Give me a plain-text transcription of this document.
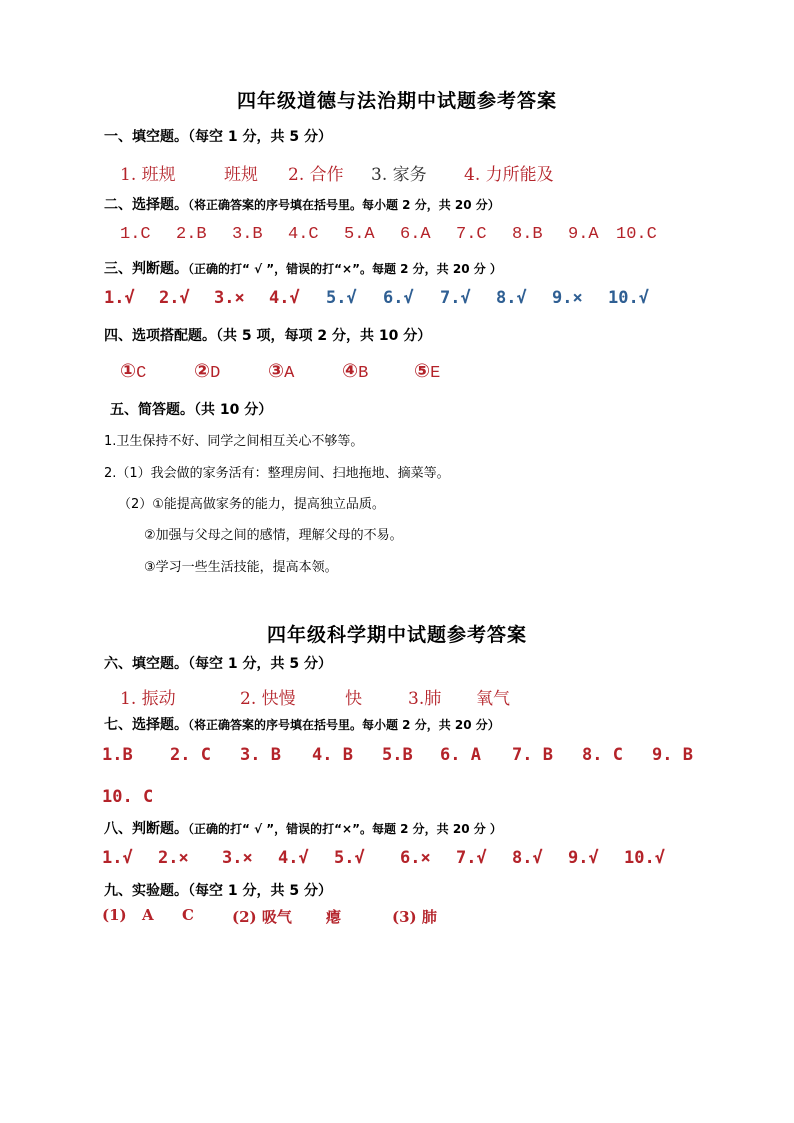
四年级道德与法治期中试题参考答案
一、填空题。（每空 1 分，共 5 分）
1. 班规	班规 2. 合作 3. 家务 4. 力所能及
二、选择题。（将正确答案的序号填在括号里。每小题 2 分，共 20 分）
1.C 2.B 3.B 4.C 5.A 6.A 7.C 8.B 9.A 10.C
三、判断题。（正确的打“ √ ”，错误的打“×”。每题 2 分，共 20 分 ）
1.√ 2.√ 3.× 4.√ 5.√ 6.√ 7.√ 8.√ 9.× 10.√
四、选项搭配题。（共 5 项，每项 2 分，共 10 分）
①C	②D	③A	④B ⑤E
五、简答题。（共 10 分）
1.卫生保持不好、同学之间相互关心不够等。
2.（1）我会做的家务活有：整理房间、扫地拖地、摘菜等。
（2）①能提高做家务的能力，提高独立品质。
②加强与父母之间的感情，理解父母的不易。
③学习一些生活技能，提高本领。
四年级科学期中试题参考答案
六、填空题。（每空 1 分，共 5 分）
1. 振动	2. 快慢	快	3.肺 氧气
七、选择题。（将正确答案的序号填在括号里。每小题 2 分，共 20 分）
1.B 2. C 3. B 4. B 5.B 6. A 7. B 8. C 9. B
10. C
八、判断题。（正确的打“ √ ”，错误的打“×”。每题 2 分，共 20 分 ）
1.√ 2.× 3.× 4.√ 5.√ 6.× 7.√ 8.√ 9.√ 10.√
九、实验题。（每空 1 分，共 5 分）
(1) A C	(2) 吸气 瘪	(3) 肺
